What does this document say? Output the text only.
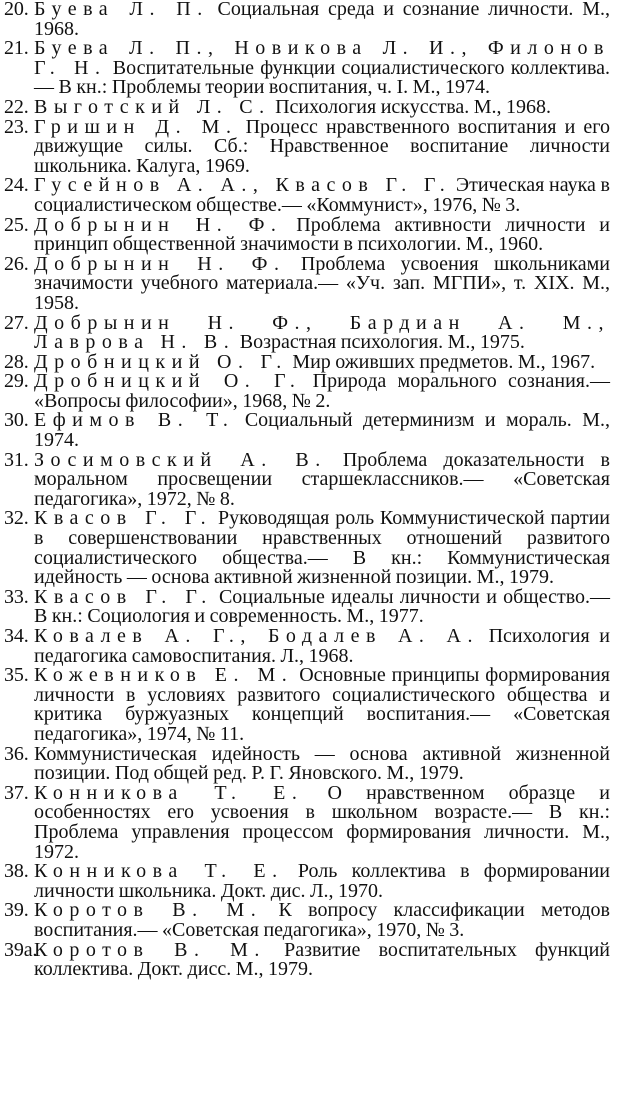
20. Буева Л. П. Социальная среда и сознание личности. М., 1968.
21. Буева Л. П., Новикова Л. И., Филонов Г. Н. Воспитательные функции социалистического коллектива.— В кн.: Проблемы теории воспитания, ч. I. М., 1974.
22. Выготский Л. С. Психология искусства. М., 1968.
23. Гришин Д. М. Процесс нравственного воспитания и его движущие силы. Сб.: Нравственное воспитание личности школьника. Калуга, 1969.
24. Гусейнов А. А., Квасов Г. Г. Этическая наука в социалистическом обществе.— «Коммунист», 1976, № 3.
25. Добрынин Н. Ф. Проблема активности личности и принцип общественной значимости в психологии. М., 1960.
26. Добрынин Н. Ф. Проблема усвоения школьниками значимости учебного материала.— «Уч. зап. МГПИ», т. XIX. М., 1958.
27. Добрынин Н. Ф., Бардиан А. М., Лаврова Н. В. Возрастная психология. М., 1975.
28. Дробницкий О. Г. Мир оживших предметов. М., 1967.
29. Дробницкий О. Г. Природа морального сознания.— «Вопросы философии», 1968, № 2.
30. Ефимов В. Т. Социальный детерминизм и мораль. М., 1974.
31. Зосимовский А. В. Проблема доказательности в моральном просвещении старшеклассников.— «Советская педагогика», 1972, № 8.
32. Квасов Г. Г. Руководящая роль Коммунистической партии в совершенствовании нравственных отношений развитого социалистического общества.— В кн.: Коммунистическая идейность — основа активной жизненной позиции. М., 1979.
33. Квасов Г. Г. Социальные идеалы личности и общество.— В кн.: Социология и современность. М., 1977.
34. Ковалев А. Г., Бодалев А. А. Психология и педагогика самовоспитания. Л., 1968.
35. Кожевников Е. М. Основные принципы формирования личности в условиях развитого социалистического общества и критика буржуазных концепций воспитания.— «Советская педагогика», 1974, № 11.
36. Коммунистическая идейность — основа активной жизненной позиции. Под общей ред. Р. Г. Яновского. М., 1979.
37. Конникова Т. Е. О нравственном образце и особенностях его усвоения в школьном возрасте.— В кн.: Проблема управления процессом формирования личности. М., 1972.
38. Конникова Т. Е. Роль коллектива в формировании личности школьника. Докт. дис. Л., 1970.
39. Коротов В. М. К вопросу классификации методов воспитания.— «Советская педагогика», 1970, № 3.
39а.
Коротов В. М. Развитие воспитательных функций коллектива. Докт. дисс. М., 1979.
